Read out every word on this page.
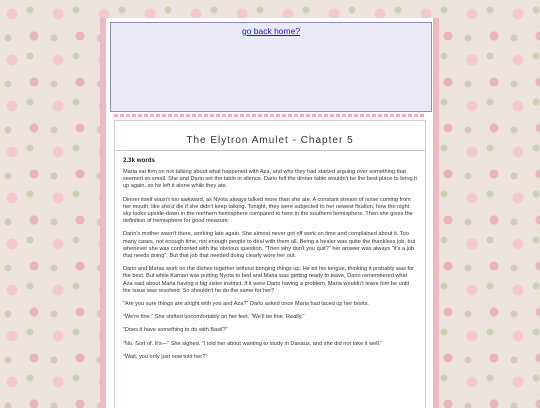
go back home?
The Elytron Amulet - Chapter 5
2.3k words

Maria sat firm on not talking about what happened with Aza, and why they had started arguing over something that seemed so small. She and Dario set the table in silence. Dario felt the dinner table wouldn't be the best place to bring it up again, so he left it alone while they ate.

Dinner itself wasn't too awkward, as Nyota always talked more than she ate. A constant stream of noise coming from her mouth, like she'd die if she didn't keep talking. Tonight, they were subjected to her newest fixation, how the night sky looks upside-down in the northern hemisphere compared to here in the southern hemisphere. Then she gives the definition of hemisphere for good measure.

Dario's mother wasn't there, working late again. She almost never got off work on time and complained about it. Too many cases, not enough time, not enough people to deal with them all. Being a healer was quite the thankless job, but whenever she was confronted with the obvious question, "Then why don't you quit?" her answer was always "it's a job that needs doing". But that job that needed doing clearly wore her out.

Dario and Maras work on the dishes together without bringing things up. He bit his tongue, thinking it probably was for the best. But while Kamari was putting Nyota to bed and Maria was getting ready to leave, Dario remembered what Aza said about Maria having a big sister instinct. If it were Dario having a problem, Maria wouldn't leave him be until the issue was resolved. So shouldn't he do the same for her?

“Are you sure things are alright with you and Aza?” Dario asked once Maria had laced up her boots.

“We're fine.” She shifted uncomfortably on her feet. “We'll be fine. Really.”

“Does it have something to do with Basil?”

“No. Sort of. It's—” She sighed. “I told her about wanting to study in Danaus, and she did not take it well.”

“Wait, you only just now told her?”
